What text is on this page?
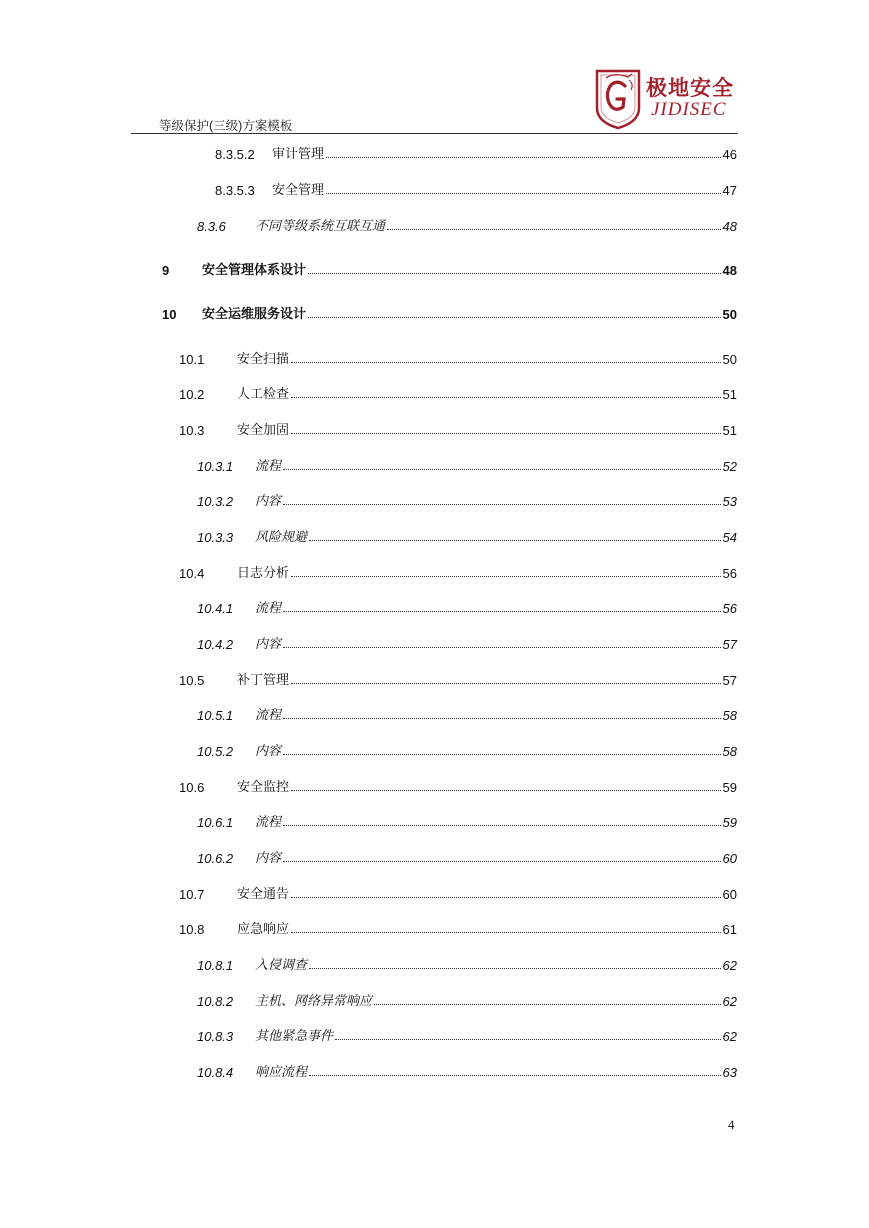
等级保护(三级)方案模板
极地安全
JIDISEC
8.3.5.2	审计管理	46
8.3.5.3	安全管理	47
8.3.6	不同等级系统互联互通	48
9	安全管理体系设计	48
10	安全运维服务设计	50
10.1	安全扫描	50
10.2	人工检查	51
10.3	安全加固	51
10.3.1	流程	52
10.3.2	内容	53
10.3.3	风险规避	54
10.4	日志分析	56
10.4.1	流程	56
10.4.2	内容	57
10.5	补丁管理	57
10.5.1	流程	58
10.5.2	内容	58
10.6	安全监控	59
10.6.1	流程	59
10.6.2	内容	60
10.7	安全通告	60
10.8	应急响应	61
10.8.1	入侵调查	62
10.8.2	主机、网络异常响应	62
10.8.3	其他紧急事件	62
10.8.4	响应流程	63
4
